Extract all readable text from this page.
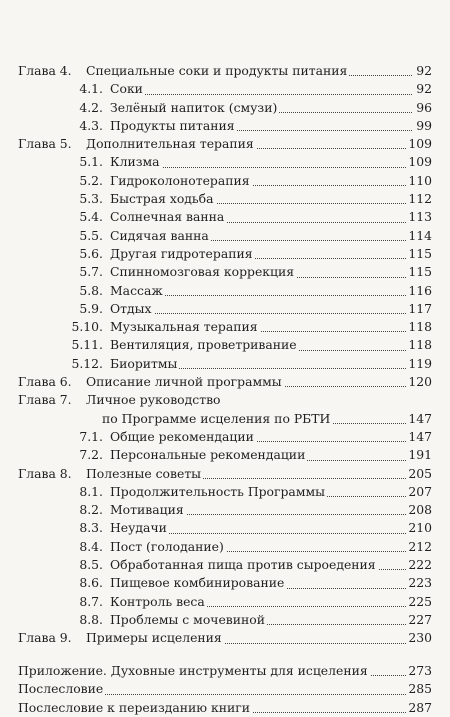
Глава 4. Специальные соки и продукты питания	92
4.1. Соки	92
4.2. Зелёный напиток (смузи)	96
4.3. Продукты питания	99
Глава 5. Дополнительная терапия	109
5.1. Клизма	109
5.2. Гидроколонотерапия	110
5.3. Быстрая ходьба	112
5.4. Солнечная ванна	113
5.5. Сидячая ванна	114
5.6. Другая гидротерапия	115
5.7. Спинномозговая коррекция	115
5.8. Массаж	116
5.9. Отдых	117
5.10. Музыкальная терапия	118
5.11. Вентиляция, проветривание	118
5.12. Биоритмы	119
Глава 6. Описание личной программы	120
Глава 7. Личное руководство
по Программе исцеления по РБТИ	147
7.1. Общие рекомендации	147
7.2. Персональные рекомендации	191
Глава 8. Полезные советы	205
8.1. Продолжительность Программы	207
8.2. Мотивация	208
8.3. Неудачи	210
8.4. Пост (голодание)	212
8.5. Обработанная пища против сыроедения	222
8.6. Пищевое комбинирование	223
8.7. Контроль веса	225
8.8. Проблемы с мочевиной	227
Глава 9. Примеры исцеления	230
Приложение. Духовные инструменты для исцеления	273
Послесловие	285
Послесловие к переизданию книги	287
